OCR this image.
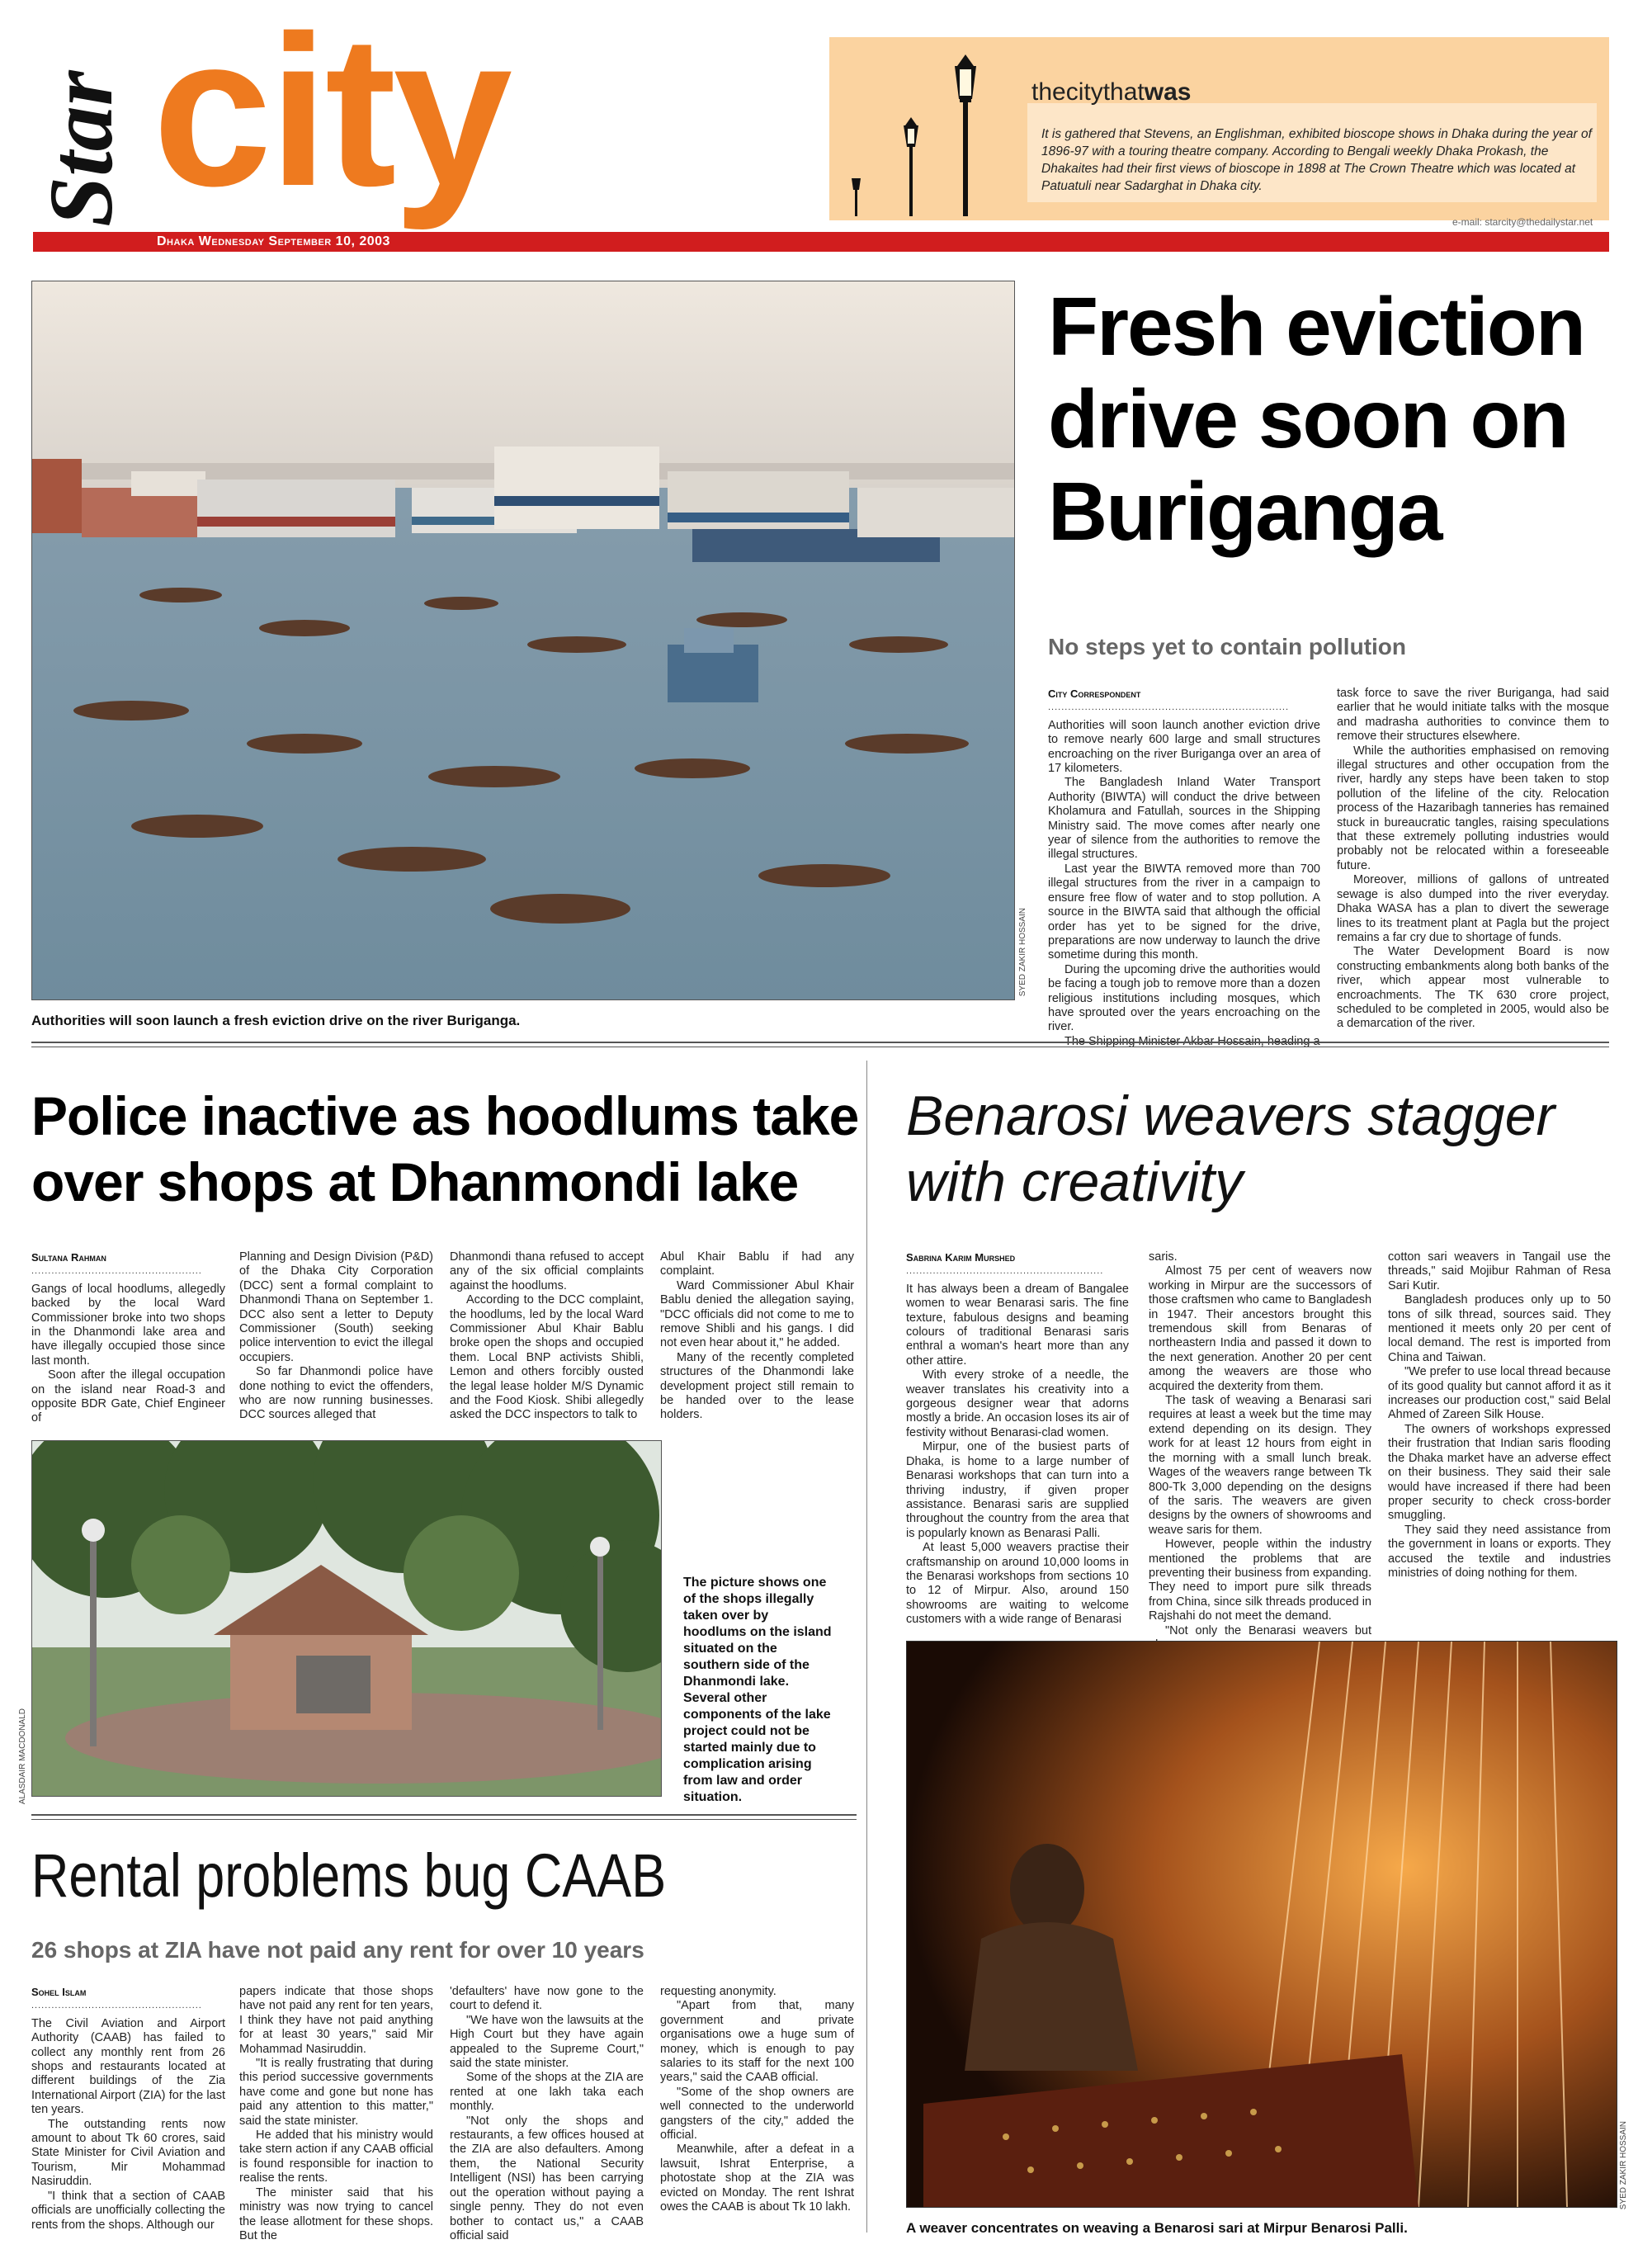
Star city
Dhaka Wednesday September 10, 2003
thecitythatwas
It is gathered that Stevens, an Englishman, exhibited bioscope shows in Dhaka during the year of 1896-97 with a touring theatre company. According to Bengali weekly Dhaka Prokash, the Dhakaites had their first views of bioscope in 1898 at The Crown Theatre which was located at Patuatuli near Sadarghat in Dhaka city.
e-mail: starcity@thedailystar.net
SYED ZAKIR HOSSAIN
Authorities will soon launch a fresh eviction drive on the river Buriganga.
Fresh eviction
drive soon on
Buriganga
No steps yet to contain pollution
City Correspondent
........................................................................

Authorities will soon launch another eviction drive to remove nearly 600 large and small structures encroaching on the river Buriganga over an area of 17 kilometers.

The Bangladesh Inland Water Transport Authority (BIWTA) will conduct the drive between Kholamura and Fatullah, sources in the Shipping Ministry said. The move comes after nearly one year of silence from the authorities to remove the illegal structures.

Last year the BIWTA removed more than 700 illegal structures from the river in a campaign to ensure free flow of water and to stop pollution. A source in the BIWTA said that although the official order has yet to be signed for the drive, preparations are now underway to launch the drive sometime during this month.

During the upcoming drive the authorities would be facing a tough job to remove more than a dozen religious institutions including mosques, which have sprouted over the years encroaching on the river.

task force to save the river Buriganga, had said earlier that he would initiate talks with the mosque and madrasha authorities to convince them to remove their structures elsewhere.

While the authorities emphasised on removing illegal structures and other occupation from the river, hardly any steps have been taken to stop pollution of the lifeline of the city. Relocation process of the Hazaribagh tanneries has remained stuck in bureaucratic tangles, raising speculations that these extremely polluting industries would probably not be relocated within a foreseeable future.

Moreover, millions of gallons of untreated sewage is also dumped into the river everyday. Dhaka WASA has a plan to divert the sewerage lines to its treatment plant at Pagla but the project remains a far cry due to shortage of funds.

The Water Development Board is now constructing embankments along both banks of the river, which appear most vulnerable to encroachments. The TK 630 crore project, scheduled to be completed in 2005, would also be a demarcation of the river.

Police inactive as hoodlums take
over shops at Dhanmondi lake
Sultana Rahman
...................................................

Gangs of local hoodlums, allegedly backed by the local Ward Commissioner broke into two shops in the Dhanmondi lake area and have illegally occupied those since last month.

Soon after the illegal occupation on the island near Road-3 and opposite BDR Gate, Chief Engineer of

Planning and Design Division (P&D) of the Dhaka City Corporation (DCC) sent a formal complaint to Dhanmondi Thana on September 1. DCC also sent a letter to Deputy Commissioner (South) seeking police intervention to evict the illegal occupiers.

So far Dhanmondi police have done nothing to evict the offenders, who are now running businesses. DCC sources alleged that

Dhanmondi thana refused to accept any of the six official complaints against the hoodlums.

According to the DCC complaint, the hoodlums, led by the local Ward Commissioner Abul Khair Bablu broke open the shops and occupied them. Local BNP activists Shibli, Lemon and others forcibly ousted the legal lease holder M/S Dynamic and the Food Kiosk. Shibi allegedly asked the DCC inspectors to talk to

Abul Khair Bablu if had any complaint.

Ward Commissioner Abul Khair Bablu denied the allegation saying, "DCC officials did not come to me to remove Shibli and his gangs. I did not even hear about it," he added.

Many of the recently completed structures of the Dhanmondi lake development project still remain to be handed over to the lease holders.

ALASDAIR MACDONALD
The picture shows one of the shops illegally taken over by hoodlums on the island situated on the southern side of the Dhanmondi lake. Several other components of the lake project could not be started mainly due to complication arising from law and order situation.
Rental problems bug CAAB
26 shops at ZIA have not paid any rent for over 10 years
Sohel Islam
...................................................

The Civil Aviation and Airport Authority (CAAB) has failed to collect any monthly rent from 26 shops and restaurants located at different buildings of the Zia International Airport (ZIA) for the last ten years.

The outstanding rents now amount to about Tk 60 crores, said State Minister for Civil Aviation and Tourism, Mir Mohammad Nasiruddin.

"I think that a section of CAAB officials are unofficially collecting the rents from the shops. Although our

papers indicate that those shops have not paid any rent for ten years, I think they have not paid anything for at least 30 years," said Mir Mohammad Nasiruddin.

"It is really frustrating that during this period successive governments have come and gone but none has paid any attention to this matter," said the state minister.

He added that his ministry would take stern action if any CAAB official is found responsible for inaction to realise the rents.

The minister said that his ministry was now trying to cancel the lease allotment for these shops. But the

'defaulters' have now gone to the court to defend it.

"We have won the lawsuits at the High Court but they have again appealed to the Supreme Court," said the state minister.

Some of the shops at the ZIA are rented at one lakh taka each monthly.

"Not only the shops and restaurants, a few offices housed at the ZIA are also defaulters. Among them, the National Security Intelligent (NSI) has been carrying out the operation without paying a single penny. They do not even bother to contact us," a CAAB official said

requesting anonymity.

"Apart from that, many government and private organisations owe a huge sum of money, which is enough to pay salaries to its staff for the next 100 years," said the CAAB official.

"Some of the shop owners are well connected to the underworld gangsters of the city," added the official.

Meanwhile, after a defeat in a lawsuit, Ishrat Enterprise, a photostate shop at the ZIA was evicted on Monday. The rent Ishrat owes the CAAB is about Tk 10 lakh.

Benarosi weavers stagger
with creativity
Sabrina Karim Murshed
...........................................................

It has always been a dream of Bangalee women to wear Benarasi saris. The fine texture, fabulous designs and beaming colours of traditional Benarasi saris enthral a woman's heart more than any other attire.

With every stroke of a needle, the weaver translates his creativity into a gorgeous designer wear that adorns mostly a bride. An occasion loses its air of festivity without Benarasi-clad women.

Mirpur, one of the busiest parts of Dhaka, is home to a large number of Benarasi workshops that can turn into a thriving industry, if given proper assistance. Benarasi saris are supplied throughout the country from the area that is popularly known as Benarasi Palli.

At least 5,000 weavers practise their craftsmanship on around 10,000 looms in the Benarasi workshops from sections 10 to 12 of Mirpur. Also, around 150 showrooms are waiting to welcome customers with a wide range of Benarasi

saris.

Almost 75 per cent of weavers now working in Mirpur are the successors of those craftsmen who came to Bangladesh in 1947. Their ancestors brought this tremendous skill from Benaras of northeastern India and passed it down to the next generation. Another 20 per cent among the weavers are those who acquired the dexterity from them.

The task of weaving a Benarasi sari requires at least a week but the time may extend depending on its design. They work for at least 12 hours from eight in the morning with a small lunch break. Wages of the weavers range between Tk 800-Tk 3,000 depending on the designs of the saris. The weavers are given designs by the owners of showrooms and weave saris for them.

However, people within the industry mentioned the problems that are preventing their business from expanding. They need to import pure silk threads from China, since silk threads produced in Rajshahi do not meet the demand.

"Not only the Benarasi weavers but

cotton sari weavers in Tangail use the threads," said Mojibur Rahman of Resa Sari Kutir.

Bangladesh produces only up to 50 tons of silk thread, sources said. They mentioned it meets only 20 per cent of local demand. The rest is imported from China and Taiwan.

"We prefer to use local thread because of its good quality but cannot afford it as it increases our production cost," said Belal Ahmed of Zareen Silk House.

The owners of workshops expressed their frustration that Indian saris flooding the Dhaka market have an adverse effect on their business. They said their sale would have increased if there had been proper security to check cross-border smuggling.

They said they need assistance from the government in loans or exports. They accused the textile and industries ministries of doing nothing for them.

SYED ZAKIR HOSSAIN
A weaver concentrates on weaving a Benarosi sari at Mirpur Benarosi Palli.
